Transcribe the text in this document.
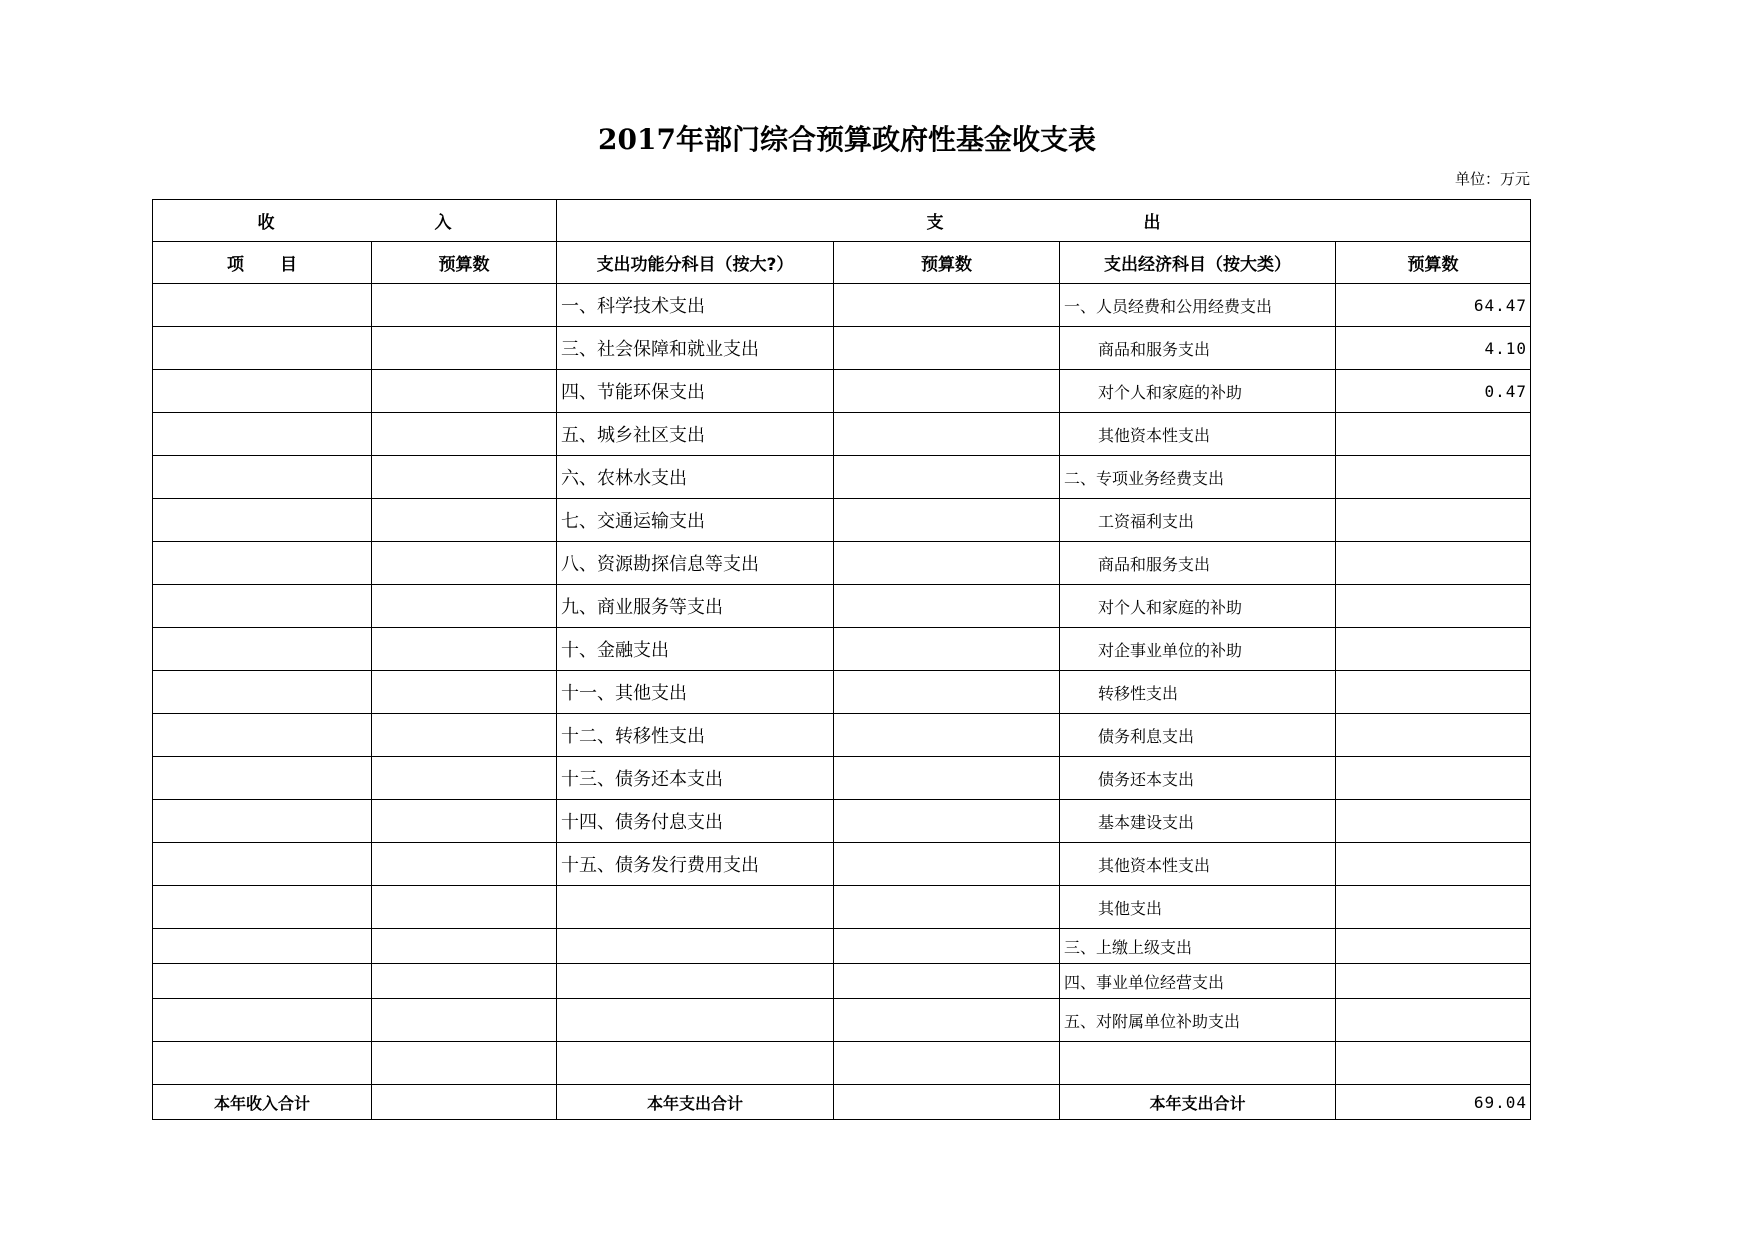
2017年部门综合预算政府性基金收支表
单位：万元
收 入		支 出			
项 目	预算数	支出功能分科目（按大?）	预算数	支出经济科目（按大类）	预算数
		一、科学技术支出		一、人员经费和公用经费支出	64.47
		三、社会保障和就业支出		商品和服务支出	4.10
		四、节能环保支出		对个人和家庭的补助	0.47
		五、城乡社区支出		其他资本性支出	
		六、农林水支出		二、专项业务经费支出	
		七、交通运输支出		工资福利支出	
		八、资源勘探信息等支出		商品和服务支出	
		九、商业服务等支出		对个人和家庭的补助	
		十、金融支出		对企事业单位的补助	
		十一、其他支出		转移性支出	
		十二、转移性支出		债务利息支出	
		十三、债务还本支出		债务还本支出	
		十四、债务付息支出		基本建设支出	
		十五、债务发行费用支出		其他资本性支出	
				其他支出	
				三、上缴上级支出	
				四、事业单位经营支出	
				五、对附属单位补助支出	

本年收入合计		本年支出合计		本年支出合计	69.04
